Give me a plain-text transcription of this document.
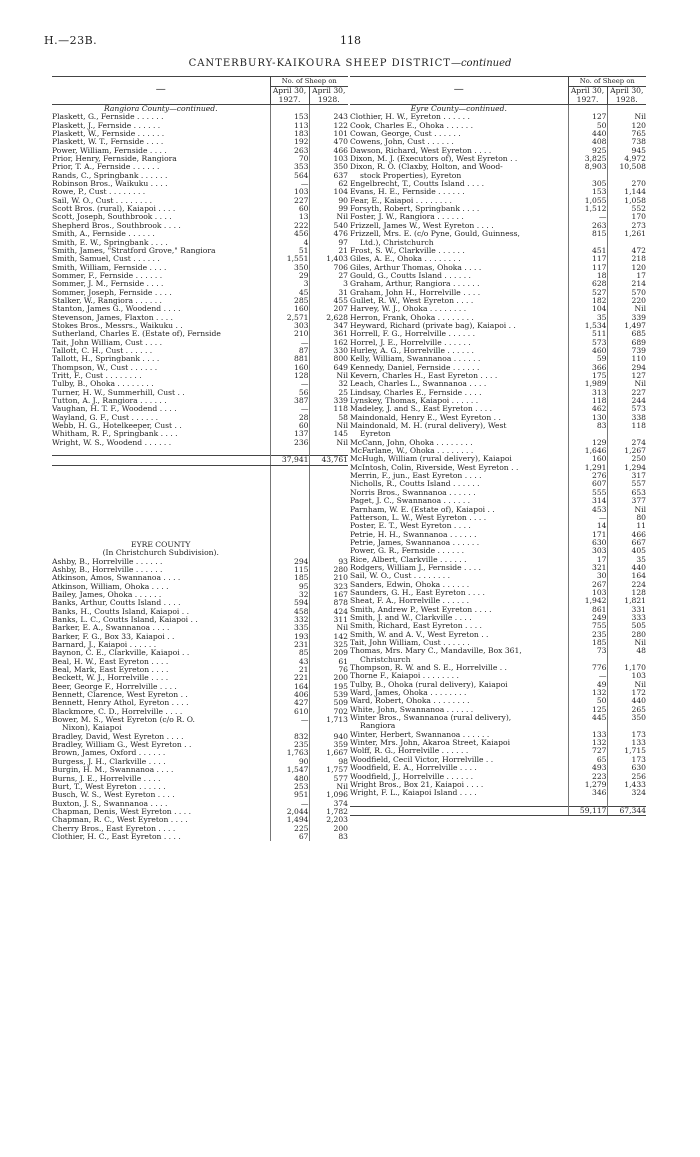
H.—23B.	118
CANTERBURY-KAIKOURA SHEEP DISTRICT—continued
—	No. of Sheep on	
	April 30, 1927.	April 30, 1928.
Rangiora County—continued.		
Plaskett, G., Fernside . . . . . .	153	243
Plaskett, J., Fernside . . . . . .	113	122
Plaskett, W., Fernside . . . . . .	183	101
Plaskett, W. T., Fernside . . . .	192	470
Power, William, Fernside . . . .	263	466
Prior, Henry, Fernside, Rangiora	70	103
Prior, T. A., Fernside . . . . . .	353	350
Rands, C., Springbank . . . . . .	564	637
Robinson Bros., Waikuku . . . .	—	62
Rowe, P., Cust . . . . . . . .	103	104
Sail, W. O., Cust . . . . . . . .	227	90
Scott Bros. (rural), Kaiapoi . . . .	60	99
Scott, Joseph, Southbrook . . . .	13	Nil
Shepherd Bros., Southbrook . . . .	222	540
Smith, A., Fernside . . . . . .	456	476
Smith, E. W., Springbank . . . .	4	97
Smith, James, "Stratford Grove," Rangiora	51	21
Smith, Samuel, Cust . . . . . .	1,551	1,403
Smith, William, Fernside . . . .	350	706
Sommer, F., Fernside . . . . . .	29	27
Sommer, J. M., Fernside . . . .	3	3
Sommer, Joseph, Fernside . . . .	45	31
Stalker, W., Rangiora . . . . . .	285	455
Stanton, James G., Woodend . . . .	160	207
Stevenson, James, Flaxton . . . .	2,571	2,628
Stokes Bros., Messrs., Waikuku . .	303	347
Sutherland, Charles E. (Estate of), Fernside	210	361
Tait, John William, Cust . . . .	—	162
Tallott, C. H., Cust . . . . . .	87	330
Tallott, H., Springbank . . . .	881	800
Thompson, W., Cust . . . . . .	160	649
Tritt, F., Cust . . . . . . . .	128	Nil
Tulby, B., Ohoka . . . . . . . .	—	32
Turner, H. W., Summerhill, Cust . .	56	25
Tutton, A. J., Rangiora . . . . . .	387	339
Vaughan, H. T. F., Woodend . . . .	—	118
Wayland, G. F., Cust . . . . . .	28	58
Webb, H. G., Hotelkeeper, Cust . .	60	Nil
Whitham, R. F., Springbank . . . .	137	145
Wright, W. S., Woodend . . . . . .	236	Nil

	37,941	43,761

EYRE COUNTY		
(In Christchurch Subdivision).		
Ashby, B., Horrelville . . . . . .	294	93
Ashby, B., Horrelville . . . . . .	115	280
Atkinson, Amos, Swannanoa . . . .	185	210
Atkinson, William, Ohoka . . . .	95	323
Bailey, James, Ohoka . . . . . .	32	167
Banks, Arthur, Coutts Island . . . .	594	878
Banks, H., Coutts Island, Kaiapoi . .	458	424
Banks, L. C., Coutts Island, Kaiapoi . .	332	311
Barker, E. A., Swannanoa . . . .	335	Nil
Barker, F. G., Box 33, Kaiapoi . .	193	142
Barnard, J., Kaiapoi . . . . . .	231	325
Baynon, C. E., Clarkville, Kaiapoi . .	85	209
Beal, H. W., East Eyreton . . . .	43	61
Beal, Mark, East Eyreton . . . .	21	76
Beckett, W. J., Horrelville . . . .	221	200
Beer, George F., Horrelville . . . .	164	195
Bennett, Clarence, West Eyreton . .	406	539
Bennett, Henry Athol, Eyreton . . . .	427	509
Blackmore, C. D., Horrelville . . . .	610	702
Bower, M. S., West Eyreton (c/o R. O.	—	1,713
Nixon), Kaiapoi		
Bradley, David, West Eyreton . . . .	832	940
Bradley, William G., West Eyreton . .	235	359
Brown, James, Oxford . . . . . .	1,763	1,667
Burgess, J. H., Clarkville . . . .	90	98
Burgin, H. M., Swannanoa . . . .	1,547	1,757
Burns, J. E., Horrelville . . . .	480	577
Burt, T., West Eyreton . . . . . .	253	Nil
Busch, W. S., West Eyreton . . . .	951	1,096
Buxton, J. S., Swannanoa . . . .	—	374
Chapman, Denis, West Eyreton . . . .	2,044	1,782
Chapman, R. C., West Eyreton . . . .	1,494	2,203
Cherry Bros., East Eyreton . . . .	225	200
Clothier, H. C., East Eyreton . . . .	67	83
—	No. of Sheep on	
	April 30, 1927.	April 30, 1928.
Eyre County—continued.		
Clothier, H. W., Eyreton . . . . . .	127	Nil
Cook, Charles E., Ohoka . . . . . .	50	120
Cowan, George, Cust . . . . . .	440	765
Cowens, John, Cust . . . . . .	408	738
Dawson, Richard, West Eyreton . . . .	925	945
Dixon, M. J. (Executors of), West Eyreton . .	3,825	4,972
Dixon, R. O. (Claxby, Holton, and Wood-	8,903	10,508
stock Properties), Eyreton		
Engelbrecht, T., Coutts Island . . . .	305	270
Evans, H. E., Fernside . . . . . .	153	1,144
Fear, E., Kaiapoi . . . . . . . .	1,055	1,058
Forsyth, Robert, Springbank . . . .	1,512	552
Foster, J. W., Rangiora . . . . . .	—	170
Frizzell, James W., West Eyreton . . . .	263	273
Frizzell, Mrs. E. (c/o Pyne, Gould, Guinness,	815	1,261
Ltd.), Christchurch		
Frost, S. W., Clarkville . . . . . .	451	472
Giles, A. E., Ohoka . . . . . . . .	117	218
Giles, Arthur Thomas, Ohoka . . . .	117	120
Gould, G., Coutts Island . . . . . .	18	17
Graham, Arthur, Rangiora . . . . . .	628	214
Graham, John H., Horrelville . . . .	527	570
Gullet, R. W., West Eyreton . . . .	182	220
Harvey, W. J., Ohoka . . . . . . . .	104	Nil
Herron, Frank, Ohoka . . . . . . . .	35	339
Heyward, Richard (private bag), Kaiapoi . .	1,534	1,497
Horrell, F. G., Horrelville . . . . . .	511	685
Horrel, J. E., Horrelville . . . . . .	573	689
Hurley, A. G., Horrelville . . . . . .	460	739
Kelly, William, Swannanoa . . . . . .	59	110
Kennedy, Daniel, Fernside . . . . . .	366	294
Kevern, Charles H., East Eyreton . . . .	175	127
Leach, Charles L., Swannanoa . . . .	1,989	Nil
Lindsay, Charles E., Fernside . . . .	313	227
Lynskey, Thomas, Kaiapoi . . . . . .	118	244
Madeley, J. and S., East Eyreton . . . .	462	573
Maindonald, Henry E., West Eyreton . .	130	338
Maindonald, M. H. (rural delivery), West	83	118
Eyreton		
McCann, John, Ohoka . . . . . . . .	129	274
McFarlane, W., Ohoka . . . . . . . .	1,646	1,267
McHugh, William (rural delivery), Kaiapoi	160	250
McIntosh, Colin, Riverside, West Eyreton . .	1,291	1,294
Merrin, F., jun., East Eyreton . . . .	276	317
Nicholls, R., Coutts Island . . . . . .	607	557
Norris Bros., Swannanoa . . . . . .	555	653
Paget, J. C., Swannanoa . . . . . .	314	377
Parnham, W. E. (Estate of), Kaiapoi . .	453	Nil
Patterson, L. W., West Eyreton . . . .	—	80
Poster, E. T., West Eyreton . . . .	14	11
Petrie, H. H., Swannanoa . . . . . .	171	466
Petrie, James, Swannanoa . . . . . .	630	667
Power, G. R., Fernside . . . . . .	303	405
Rice, Albert, Clarkville . . . . . .	17	35
Rodgers, William J., Fernside . . . .	321	440
Sail, W. O., Cust . . . . . . . .	30	164
Sanders, Edwin, Ohoka . . . . . .	267	224
Saunders, G. H., East Eyreton . . . .	103	128
Sheat, F. A., Horrelville . . . . . .	1,942	1,821
Smith, Andrew P., West Eyreton . . . .	861	331
Smith, J. and W., Clarkville . . . .	249	333
Smith, Richard, East Eyreton . . . .	755	505
Smith, W. and A. V., West Eyreton . .	235	280
Tait, John William, Cust . . . . . .	185	Nil
Thomas, Mrs. Mary C., Mandaville, Box 361,	73	48
Christchurch		
Thompson, R. W. and S. E., Horrelville . .	776	1,170
Thorne F., Kaiapoi . . . . . . . .	—	103
Tulby, B., Ohoka (rural delivery), Kaiapoi	49	Nil
Ward, James, Ohoka . . . . . . . .	132	172
Ward, Robert, Ohoka . . . . . . . .	50	440
White, John, Swannanoa . . . . . .	125	265
Winter Bros., Swannanoa (rural delivery),	445	350
Rangiora		
Winter, Herbert, Swannanoa . . . . . .	133	173
Winter, Mrs. John, Akaroa Street, Kaiapoi	132	133
Wolff, R. G., Horrelville . . . . . .	727	1,715
Woodfield, Cecil Victor, Horrelville . .	65	173
Woodfield, E. A., Horrelville . . . .	493	630
Woodfield, J., Horrelville . . . . . .	223	256
Wright Bros., Box 21, Kaiapoi . . . .	1,279	1,433
Wright, F. L., Kaiapoi Island . . . .	346	324

	59,117	67,344
